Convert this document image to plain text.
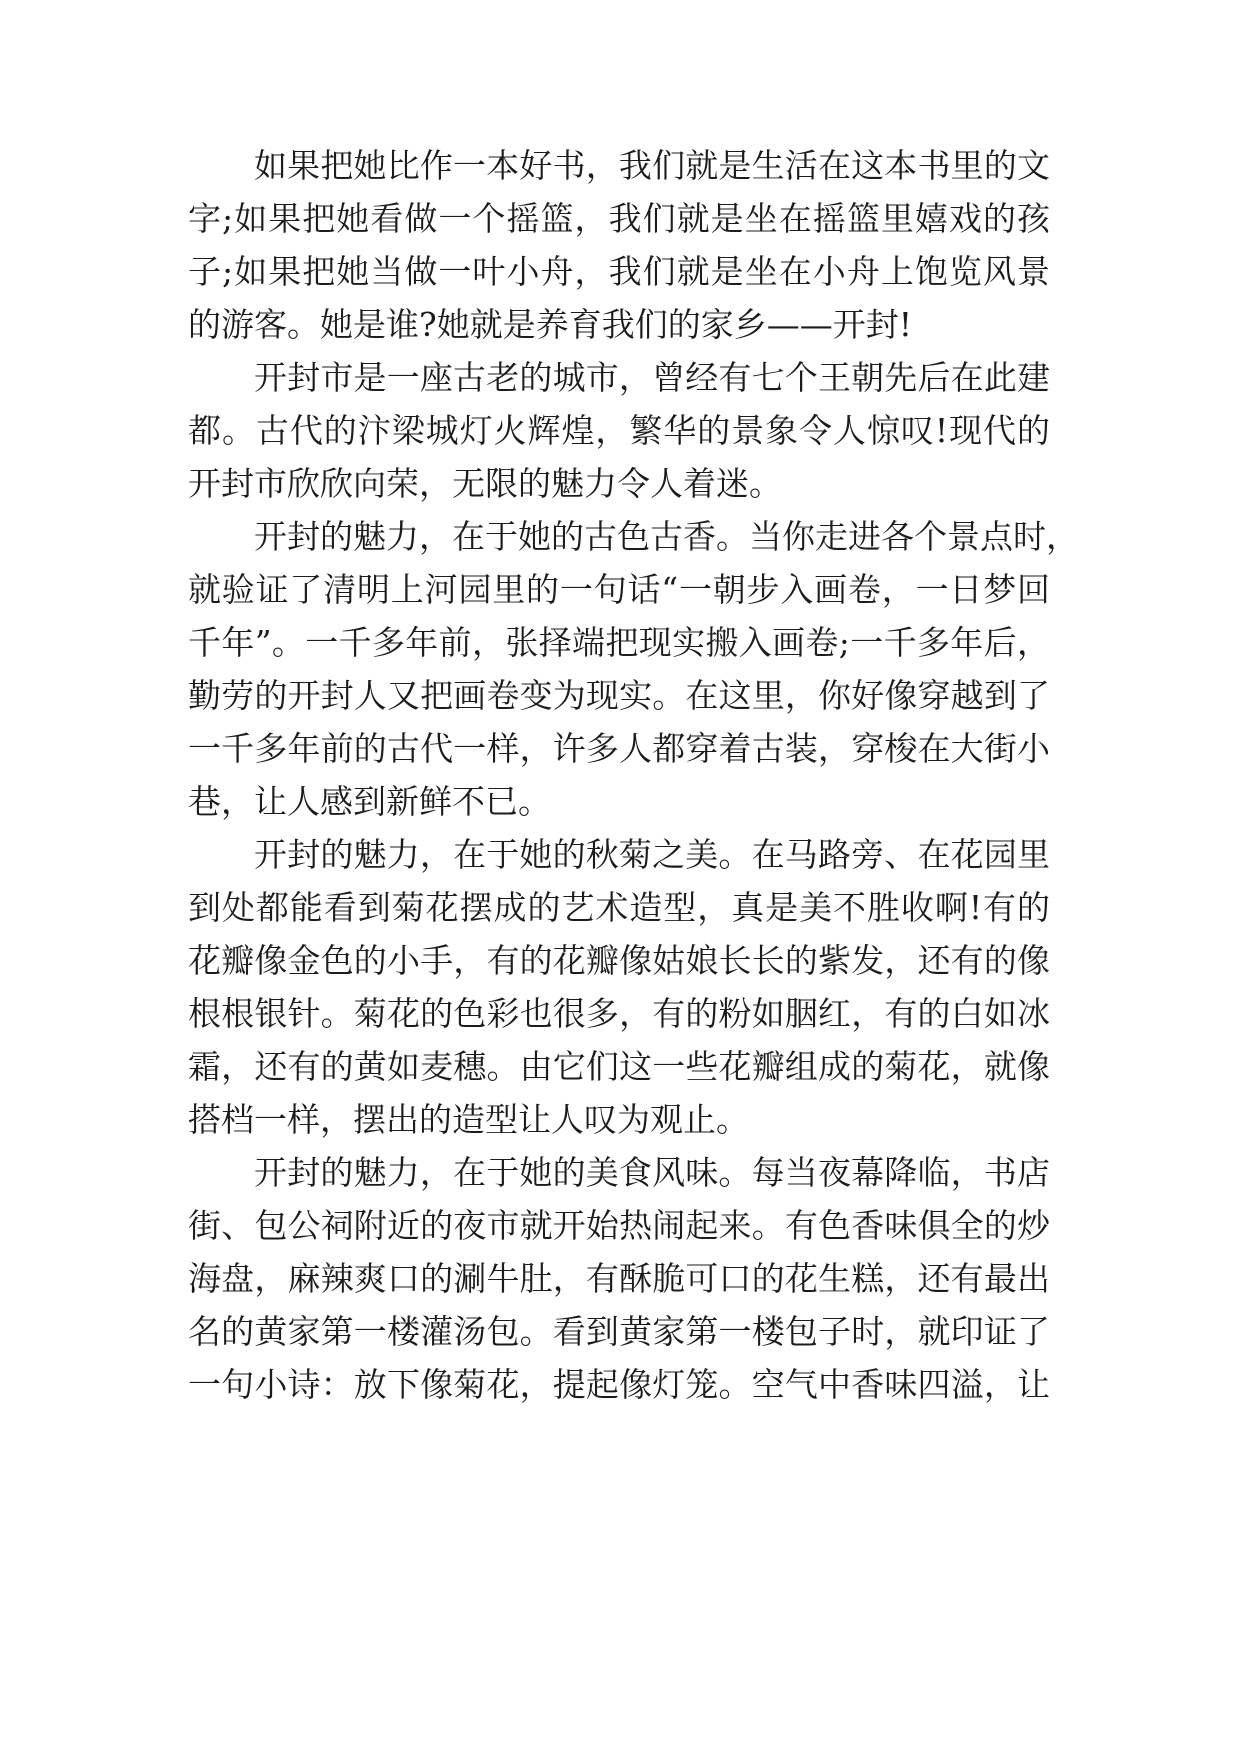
如果把她比作一本好书，我们就是生活在这本书里的文
字;如果把她看做一个摇篮，我们就是坐在摇篮里嬉戏的孩
子;如果把她当做一叶小舟，我们就是坐在小舟上饱览风景
的游客。她是谁?她就是养育我们的家乡——开封!
开封市是一座古老的城市，曾经有七个王朝先后在此建
都。古代的汴梁城灯火辉煌，繁华的景象令人惊叹!现代的
开封市欣欣向荣，无限的魅力令人着迷。
开封的魅力，在于她的古色古香。当你走进各个景点时，
就验证了清明上河园里的一句话“一朝步入画卷，一日梦回
千年”。一千多年前，张择端把现实搬入画卷;一千多年后，
勤劳的开封人又把画卷变为现实。在这里，你好像穿越到了
一千多年前的古代一样，许多人都穿着古装，穿梭在大街小
巷，让人感到新鲜不已。
开封的魅力，在于她的秋菊之美。在马路旁、在花园里
到处都能看到菊花摆成的艺术造型，真是美不胜收啊!有的
花瓣像金色的小手，有的花瓣像姑娘长长的紫发，还有的像
根根银针。菊花的色彩也很多，有的粉如胭红，有的白如冰
霜，还有的黄如麦穗。由它们这一些花瓣组成的菊花，就像
搭档一样，摆出的造型让人叹为观止。
开封的魅力，在于她的美食风味。每当夜幕降临，书店
街、包公祠附近的夜市就开始热闹起来。有色香味俱全的炒
海盘，麻辣爽口的涮牛肚，有酥脆可口的花生糕，还有最出
名的黄家第一楼灌汤包。看到黄家第一楼包子时，就印证了
一句小诗：放下像菊花，提起像灯笼。空气中香味四溢，让
